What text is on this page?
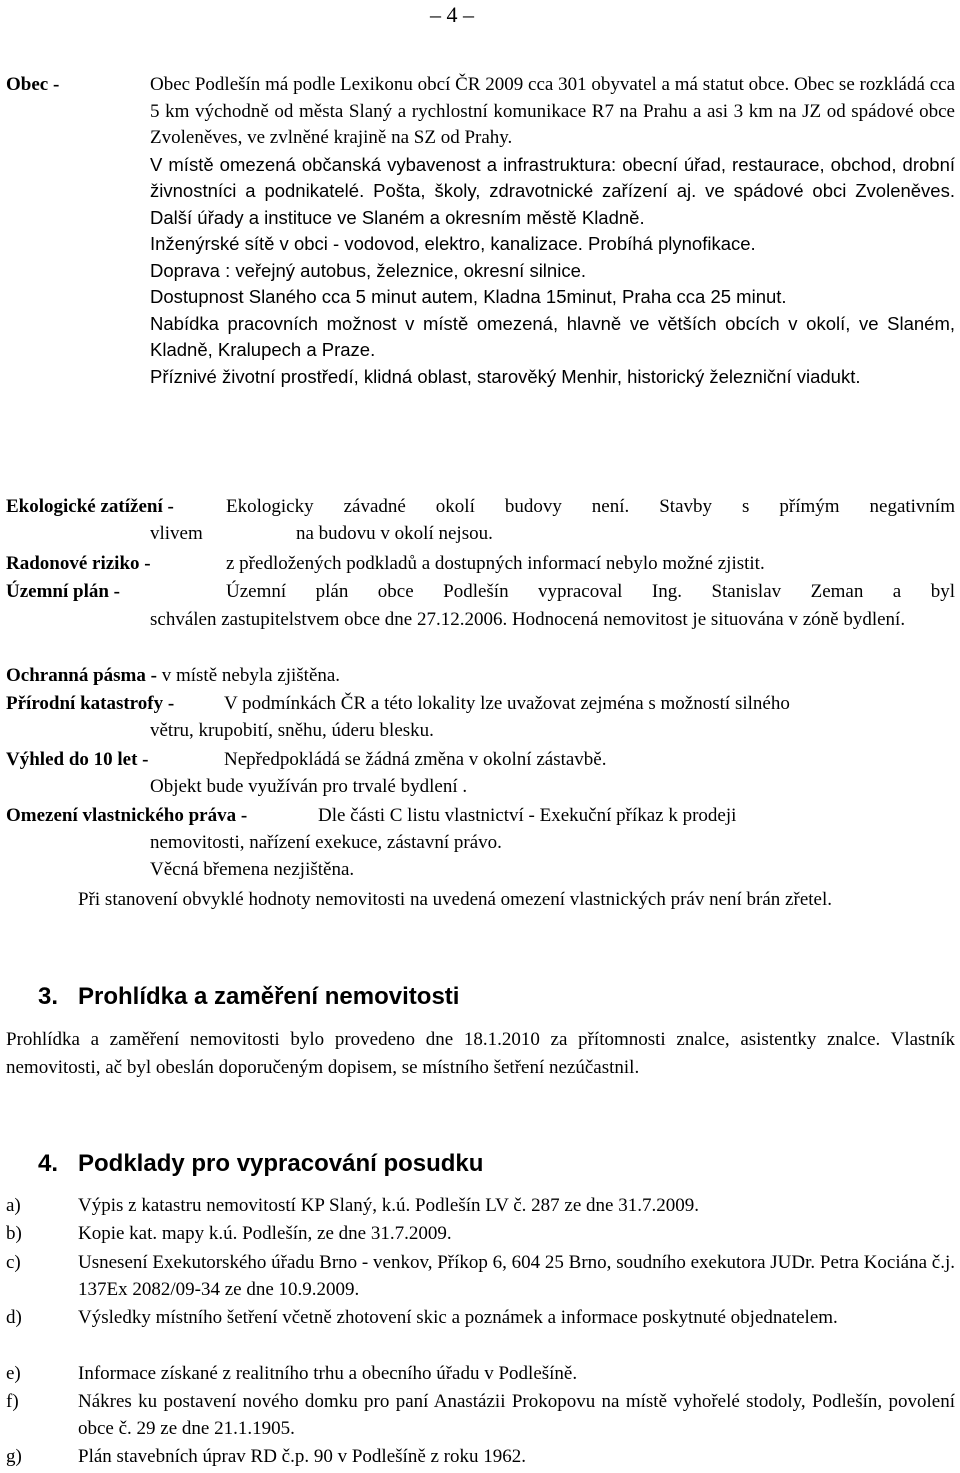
– 4 –
Obec -	Obec Podlešín má podle Lexikonu obcí ČR 2009 cca 301 obyvatel a má statut obce. Obec se rozkládá cca 5 km východně od města Slaný a rychlostní komunikace R7 na Prahu a asi 3 km na JZ od spádové obce Zvoleněves, ve zvlněné krajině na SZ od Prahy.

V místě omezená občanská vybavenost a infrastruktura: obecní úřad, restaurace, obchod, drobní živnostníci a podnikatelé. Pošta, školy, zdravotnické zařízení aj. ve spádové obci Zvoleněves. Další úřady a instituce ve Slaném a okresním městě Kladně.

Inženýrské sítě v obci - vodovod, elektro, kanalizace. Probíhá plynofikace.

Doprava : veřejný autobus, železnice, okresní silnice.

Dostupnost Slaného cca 5 minut autem, Kladna 15minut, Praha cca 25 minut.

Nabídka pracovních možnost v místě omezená, hlavně ve větších obcích v okolí, ve Slaném, Kladně, Kralupech a Praze.

Příznivé životní prostředí, klidná oblast, starověký Menhir, historický železniční viadukt.

Ekologické zatížení -	Ekologicky závadné okolí budovy není. Stavby s přímým negativním
vlivem	na budovu v okolí nejsou.
Radonové riziko -	z předložených podkladů a dostupných informací nebylo možné zjistit.
Územní plán -	Územní plán obce Podlešín vypracoval Ing. Stanislav Zeman a byl
schválen zastupitelstvem obce dne 27.12.2006. Hodnocená nemovitost je situována v zóně bydlení.
Ochranná pásma - v místě nebyla zjištěna.
Přírodní katastrofy -	V podmínkách ČR a této lokality lze uvažovat zejména s možností silného
větru, krupobití, sněhu, úderu blesku.
Výhled do 10 let -	Nepředpokládá se žádná změna v okolní zástavbě.
Objekt bude využíván pro trvalé bydlení .
Omezení vlastnického práva -	Dle části C listu vlastnictví - Exekuční příkaz k prodeji
nemovitosti, nařízení exekuce, zástavní právo.
Věcná břemena nezjištěna.
Při stanovení obvyklé hodnoty nemovitosti na uvedená omezení vlastnických práv není brán zřetel.
3. Prohlídka a zaměření nemovitosti
Prohlídka a zaměření nemovitosti bylo provedeno dne 18.1.2010 za přítomnosti znalce, asistentky znalce. Vlastník nemovitosti, ač byl obeslán doporučeným dopisem, se místního šetření nezúčastnil.
4. Podklady pro vypracování posudku
a)	Výpis z katastru nemovitostí KP Slaný, k.ú. Podlešín LV č. 287 ze dne 31.7.2009.
b)	Kopie kat. mapy k.ú. Podlešín, ze dne 31.7.2009.
c)	Usnesení Exekutorského úřadu Brno - venkov, Příkop 6, 604 25 Brno, soudního exekutora JUDr. Petra Kociána č.j. 137Ex 2082/09-34 ze dne 10.9.2009.
d)	Výsledky místního šetření včetně zhotovení skic a poznámek a informace poskytnuté objednatelem.
e)	Informace získané z realitního trhu a obecního úřadu v Podlešíně.
f)	Nákres ku postavení nového domku pro paní Anastázii Prokopovu na místě vyhořelé stodoly, Podlešín, povolení obce č. 29 ze dne 21.1.1905.
g)	Plán stavebních úprav RD č.p. 90 v Podlešíně z roku 1962.
